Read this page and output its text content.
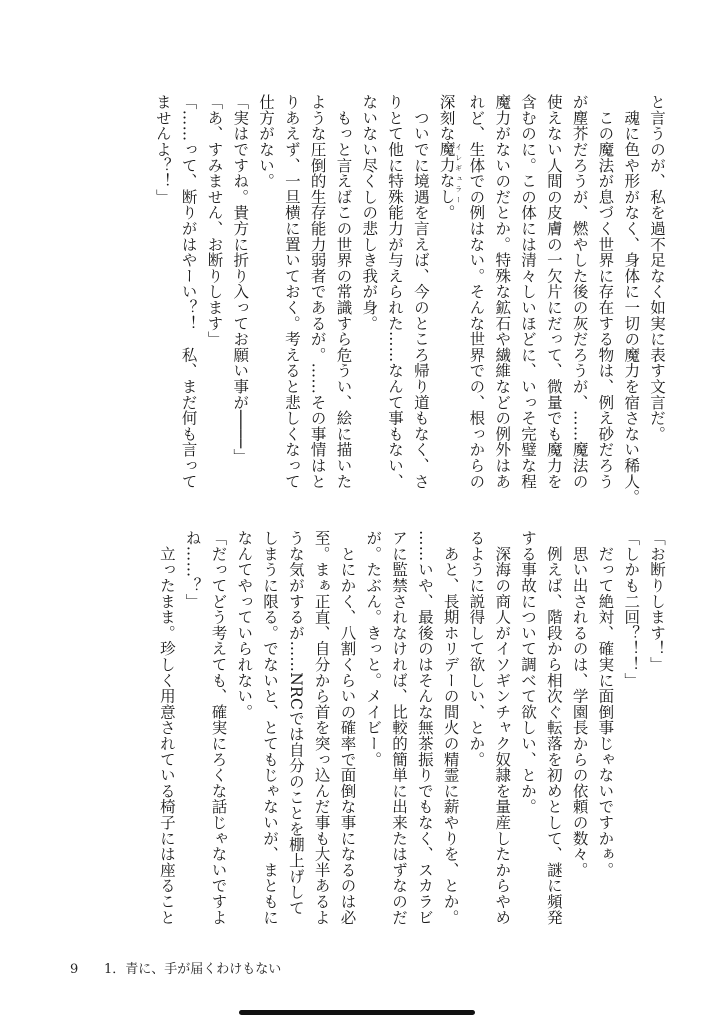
と言うのが、私を過不足なく如実に表す文言だ。
　魂に色や形がなく、身体に一切の魔力を宿さない稀人。
　この魔法が息づく世界に存在する物は、例え砂だろう
が塵芥だろうが、燃やした後の灰だろうが、……魔法の
使えない人間の皮膚の一欠片にだって、微量でも魔力を
含むのに。この体には清々しいほどに、いっそ完璧な程
魔力がないのだとか。特殊な鉱石や繊維などの例外はあ
れど、生体での例はない。そんな世界での、根っからの
深刻な魔力なし イレギュラー。
　ついでに境遇を言えば、今のところ帰り道もなく、さ
りとて他に特殊能力が与えられた……なんて事もない、
ないない尽くしの悲しき我が身。
　もっと言えばこの世界の常識すら危うい、絵に描いた
ような圧倒的生存能力弱者であるが。……その事情はと
りあえず、一旦横に置いておく。考えると悲しくなって
仕方がない。
「実はですね。貴方に折り入ってお願い事が────」
「あ、すみません、お断りします」
「……って、断りがはやーい？！　私、まだ何も言って
ませんよ？！」
「お断りします！」
「しかも二回？！！」
　だって絶対、確実に面倒事じゃないですかぁ。
　思い出されるのは、学園長からの依頼の数々。
　例えば、階段から相次ぐ転落を初めとして、謎に頻発
する事故について調べて欲しい、とか。
　深海の商人がイソギンチャク奴隷を量産したからやめ
るように説得して欲しい、とか。
　あと、長期ホリデーの間火の精霊に薪やりを、とか。
……いや、最後のはそんな無茶振りでもなく、スカラビ
アに監禁されなければ、比較的簡単に出来たはずなのだ
が。たぶん。きっと。メイビー。
　とにかく、八割くらいの確率で面倒な事になるのは必
至。まぁ正直、自分から首を突っ込んだ事も大半あるよ
うな気がするが……NRCでは自分のことを棚上げして
しまうに限る。でないと、とてもじゃないが、まともに
なんてやっていられない。
「だってどう考えても、確実にろくな話じゃないですよ
ね……？」
　立ったまま。珍しく用意されている椅子には座ること
9 1．青に、手が届くわけもない
